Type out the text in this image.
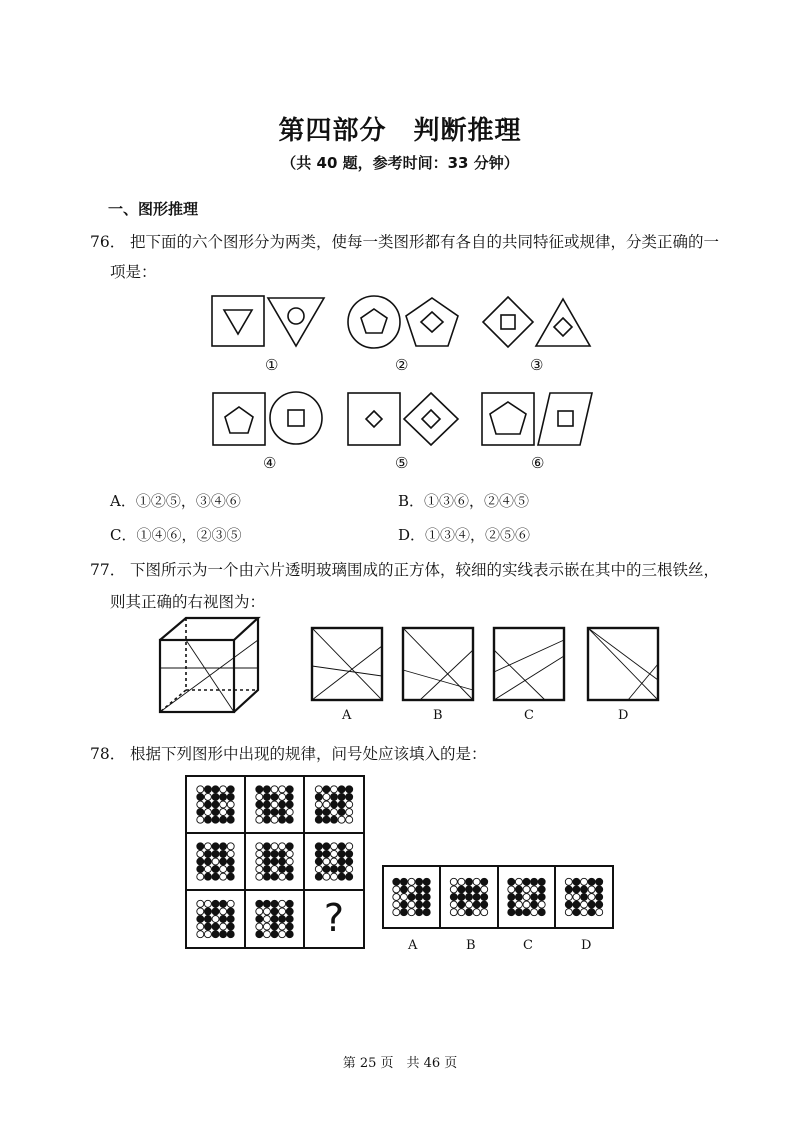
第四部分　判断推理
（共 40 题，参考时间：33 分钟）
一、图形推理
76． 把下面的六个图形分为两类，使每一类图形都有各自的共同特征或规律，分类正确的一
项是：
①	②	③
④	⑤	⑥
A．①②⑤，③④⑥	B．①③⑥，②④⑤
C．①④⑥，②③⑤	D．①③④，②⑤⑥
77． 下图所示为一个由六片透明玻璃围成的正方体，较细的实线表示嵌在其中的三根铁丝，
则其正确的右视图为：
A	B	C	D
78． 根据下列图形中出现的规律，问号处应该填入的是：
?
A	B	C	D
第 25 页　共 46 页
